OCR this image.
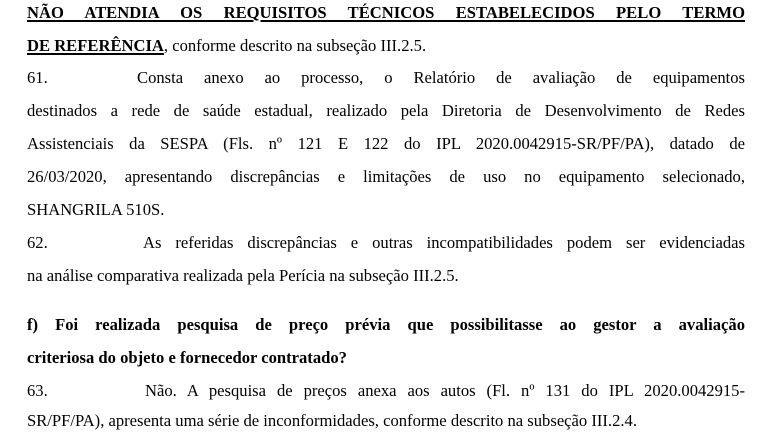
NÃO ATENDIA OS REQUISITOS TÉCNICOS ESTABELECIDOS PELO TERMO
DE REFERÊNCIA, conforme descrito na subseção III.2.5.
61.	Consta anexo ao processo, o Relatório de avaliação de equipamentos
destinados a rede de saúde estadual, realizado pela Diretoria de Desenvolvimento de Redes
Assistenciais da SESPA (Fls. nº 121 E 122 do IPL 2020.0042915-SR/PF/PA), datado de
26/03/2020, apresentando discrepâncias e limitações de uso no equipamento selecionado,
SHANGRILA 510S.
62.	As referidas discrepâncias e outras incompatibilidades podem ser evidenciadas
na análise comparativa realizada pela Perícia na subseção III.2.5.
f) Foi realizada pesquisa de preço prévia que possibilitasse ao gestor a avaliação
criteriosa do objeto e fornecedor contratado?
63.	Não. A pesquisa de preços anexa aos autos (Fl. nº 131 do IPL 2020.0042915-
SR/PF/PA), apresenta uma série de inconformidades, conforme descrito na subseção III.2.4.
